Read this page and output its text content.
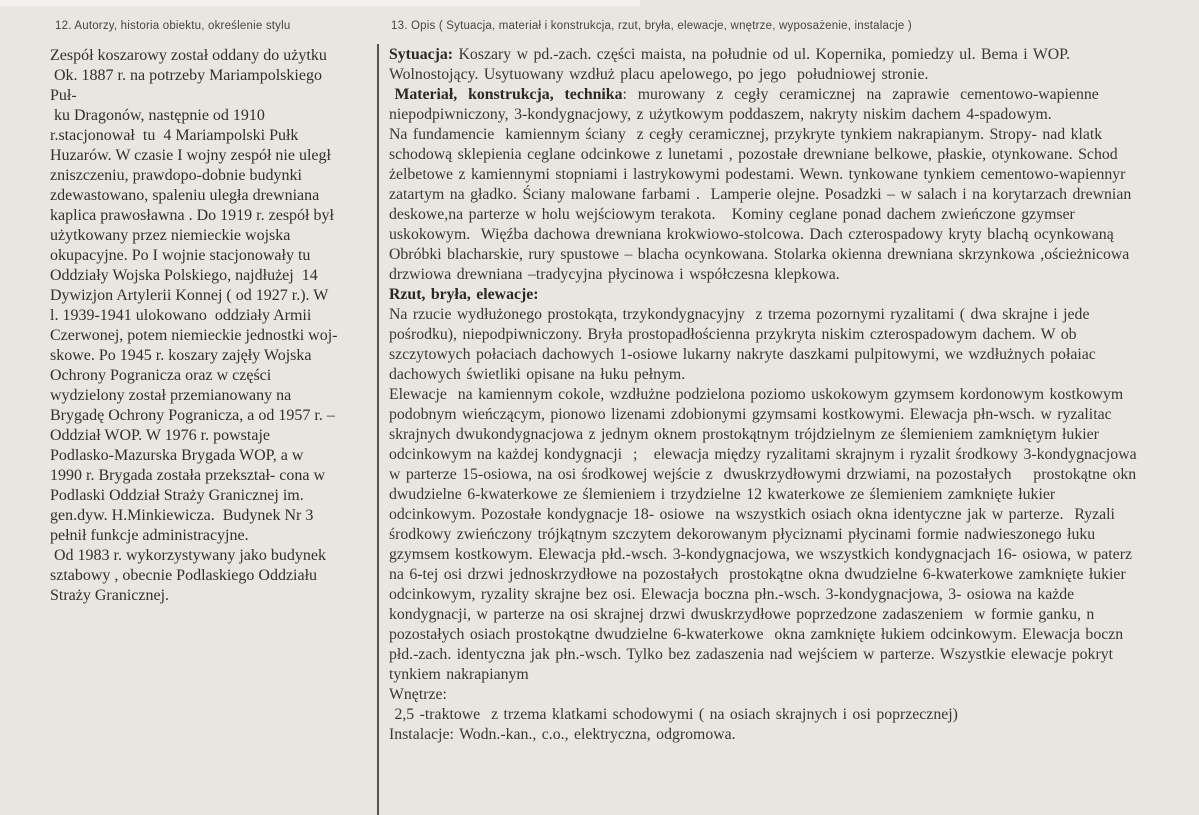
12. Autorzy, historia obiektu, określenie stylu	13. Opis ( Sytuacja, materiał i konstrukcja, rzut, bryła, elewacje, wnętrze, wyposażenie, instalacje )
Zespół koszarowy został oddany do użytku
Ok. 1887 r. na potrzeby Mariampolskiego
Puł-
ku Dragonów, następnie od 1910
r.stacjonował  tu  4 Mariampolski Pułk
Huzarów. W czasie I wojny zespół nie uległ
zniszczeniu, prawdopo-dobnie budynki
zdewastowano, spaleniu uległa drewniana
kaplica prawosławna . Do 1919 r. zespół był
użytkowany przez niemieckie wojska
okupacyjne. Po I wojnie stacjonowały tu
Oddziały Wojska Polskiego, najdłużej  14
Dywizjon Artylerii Konnej ( od 1927 r.). W
l. 1939-1941 ulokowano  oddziały Armii
Czerwonej, potem niemieckie jednostki woj-
skowe. Po 1945 r. koszary zajęły Wojska
Ochrony Pogranicza oraz w części
wydzielony został przemianowany na
Brygadę Ochrony Pogranicza, a od 1957 r. –
Oddział WOP. W 1976 r. powstaje
Podlasko-Mazurska Brygada WOP, a w
1990 r. Brygada została przekształ- cona w
Podlaski Oddział Straży Granicznej im.
gen.dyw. H.Minkiewicza.  Budynek Nr 3
pełnił funkcje administracyjne.
Od 1983 r. wykorzystywany jako budynek
sztabowy , obecnie Podlaskiego Oddziału
Straży Granicznej.
Sytuacja: Koszary w pd.-zach. części maista, na południe od ul. Kopernika, pomiedzy ul. Bema i WOP.
Wolnostojący. Usytuowany wzdłuż placu apelowego, po jego  południowej stronie.
Materiał,  konstrukcja,  technika:  murowany  z  cegły  ceramicznej  na  zaprawie  cementowo-wapienne
niepodpiwniczony, 3-kondygnacjowy, z użytkowym poddaszem, nakryty niskim dachem 4-spadowym.
Na fundamencie  kamiennym ściany  z cegły ceramicznej, przykryte tynkiem nakrapianym. Stropy- nad klatk
schodową sklepienia ceglane odcinkowe z lunetami , pozostałe drewniane belkowe, płaskie, otynkowane. Schod
żelbetowe z kamiennymi stopniami i lastrykowymi podestami. Wewn. tynkowane tynkiem cementowo-wapiennyr
zatartym na gładko. Ściany malowane farbami .  Lamperie olejne. Posadzki – w salach i na korytarzach drewnian
deskowe,na parterze w holu wejściowym terakota.   Kominy ceglane ponad dachem zwieńczone gzymser
uskokowym.  Więźba dachowa drewniana krokwiowo-stolcowa. Dach czterospadowy kryty blachą ocynkowaną
Obróbki blacharskie, rury spustowe – blacha ocynkowana. Stolarka okienna drewniana skrzynkowa ,ościeżnicowa
drzwiowa drewniana –tradycyjna płycinowa i współczesna klepkowa.
Rzut, bryła, elewacje:
Na rzucie wydłużonego prostokąta, trzykondygnacyjny  z trzema pozornymi ryzalitami ( dwa skrajne i jede
pośrodku), niepodpiwniczony. Bryła prostopadłościenna przykryta niskim czterospadowym dachem. W ob
szczytowych połaciach dachowych 1-osiowe lukarny nakryte daszkami pulpitowymi, we wzdłużnych połaiac
dachowych świetliki opisane na łuku pełnym.
Elewacje  na kamiennym cokole, wzdłużne podzielona poziomo uskokowym gzymsem kordonowym kostkowym
podobnym wieńczącym, pionowo lizenami zdobionymi gzymsami kostkowymi. Elewacja płn-wsch. w ryzalitac
skrajnych dwukondygnacjowa z jednym oknem prostokątnym trójdzielnym ze ślemieniem zamkniętym łukier
odcinkowym na każdej kondygnacji  ;   elewacja między ryzalitami skrajnym i ryzalit środkowy 3-kondygnacjowa
w parterze 15-osiowa, na osi środkowej wejście z  dwuskrzydłowymi drzwiami, na pozostałych    prostokątne okn
dwudzielne 6-kwaterkowe ze ślemieniem i trzydzielne 12 kwaterkowe ze ślemieniem zamknięte łukier
odcinkowym. Pozostałe kondygnacje 18- osiowe  na wszystkich osiach okna identyczne jak w parterze.  Ryzali
środkowy zwieńczony trójkątnym szczytem dekorowanym płyciznami płycinami formie nadwieszonego łuku
gzymsem kostkowym. Elewacja płd.-wsch. 3-kondygnacjowa, we wszystkich kondygnacjach 16- osiowa, w paterz
na 6-tej osi drzwi jednoskrzydłowe na pozostałych  prostokątne okna dwudzielne 6-kwaterkowe zamknięte łukier
odcinkowym, ryzality skrajne bez osi. Elewacja boczna płn.-wsch. 3-kondygnacjowa, 3- osiowa na każde
kondygnacji, w parterze na osi skrajnej drzwi dwuskrzydłowe poprzedzone zadaszeniem  w formie ganku, n
pozostałych osiach prostokątne dwudzielne 6-kwaterkowe  okna zamknięte łukiem odcinkowym. Elewacja boczn
płd.-zach. identyczna jak płn.-wsch. Tylko bez zadaszenia nad wejściem w parterze. Wszystkie elewacje pokryt
tynkiem nakrapianym
Wnętrze:
2,5 -traktowe  z trzema klatkami schodowymi ( na osiach skrajnych i osi poprzecznej)
Instalacje: Wodn.-kan., c.o., elektryczna, odgromowa.
